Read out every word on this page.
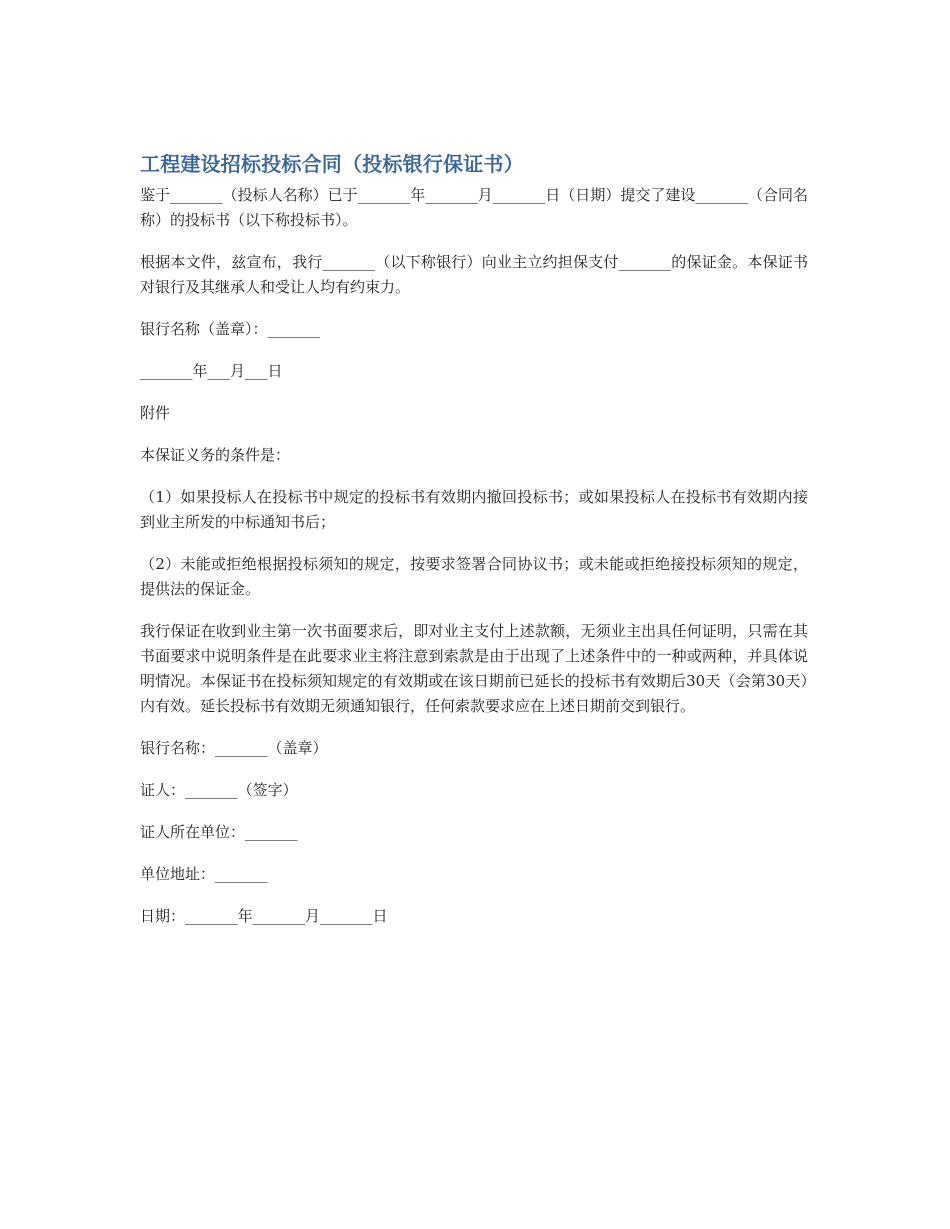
工程建设招标投标合同（投标银行保证书）

鉴于_______（投标人名称）已于_______年_______月_______日（日期）提交了建设_______（合同名称）的投标书（以下称投标书）。

根据本文件，兹宣布，我行_______（以下称银行）向业主立约担保支付_______的保证金。本保证书对银行及其继承人和受让人均有约束力。

银行名称（盖章）：_______

_______年___月___日

附件

本保证义务的条件是：

（1）如果投标人在投标书中规定的投标书有效期内撤回投标书；或如果投标人在投标书有效期内接到业主所发的中标通知书后；

（2）未能或拒绝根据投标须知的规定，按要求签署合同协议书；或未能或拒绝接投标须知的规定，提供法的保证金。

我行保证在收到业主第一次书面要求后，即对业主支付上述款额，无须业主出具任何证明，只需在其书面要求中说明条件是在此要求业主将注意到索款是由于出现了上述条件中的一种或两种，并具体说明情况。本保证书在投标须知规定的有效期或在该日期前已延长的投标书有效期后30天（会第30天）内有效。延长投标书有效期无须通知银行，任何索款要求应在上述日期前交到银行。

银行名称：_______（盖章）

证人：_______（签字）

证人所在单位：_______

单位地址：_______

日期：_______年_______月_______日
